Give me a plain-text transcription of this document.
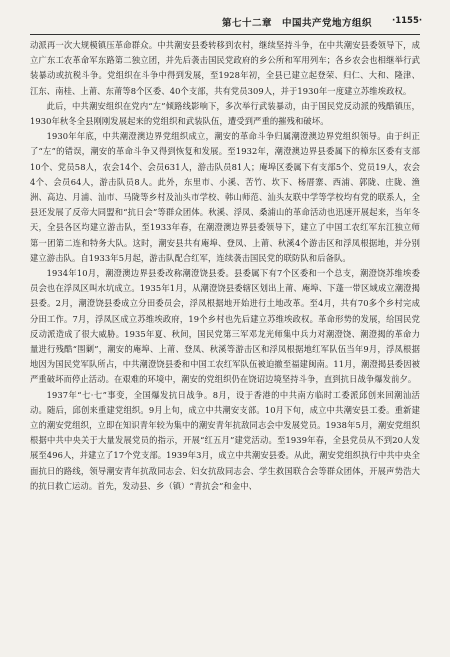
第七十二章　中国共产党地方组织 ·1155·

动派再一次大规模镇压革命群众。中共潮安县委转移到农村，继续坚持斗争，在中共潮安县委领导下，成立广东工农革命军东路第二独立团，并先后袭击国民党政府的乡公所和军用列车；各乡农会也相继举行武装暴动或抗税斗争。党组织在斗争中得到发展，至1928年初，全县已建立起登荣、归仁、大和、隆津、江东、南桂、上莆、东莆等8个区委、40个支部，共有党员309人，并于1930年一度建立苏维埃政权。

此后，中共潮安组织在党内“左”倾路线影响下，多次举行武装暴动，由于国民党反动派的残酷镇压，1930年秋冬全县刚刚发展起来的党组织和武装队伍，遭受到严重的摧残和破坏。

1930年年底，中共潮澄澳边界党组织成立，潮安的革命斗争归属潮澄澳边界党组织领导。由于纠正了“左”的错误，潮安的革命斗争又得到恢复和发展。至1932年，潮澄澳边界县委属下的樟东区委有支部10个、党员58人，农会14个、会员631人，游击队员81人；庵埠区委属下有支部5个、党员19人，农会4个、会员64人，游击队员8人。此外，东里市、小溪、苦竹、坎下、杨厝寨、西浦、郭陇、庄陇、渔洲、高边、月浦、汕市、马陇等乡村及汕头市学校、韩山师范、汕头友联中学等学校均有党的联系人，全县还发展了反帝大同盟和“抗日会”等群众团体。秋溪、浮凤、桑浦山的革命活动也迅速开展起来，当年冬天，全县各区均建立游击队，至1933年春，在潮澄澳边界县委领导下，建立了中国工农红军东江独立师第一团第二连和特务大队。这时，潮安县共有庵埠、登凤、上莆、秋溪4个游击区和浮凤根据地，并分别建立游击队。自1933年5月起，游击队配合红军，连续袭击国民党的联防队和后备队。

1934年10月，潮澄澳边界县委改称潮澄饶县委。县委属下有7个区委和一个总支，潮澄饶苏维埃委员会也在浮凤区叫水坑成立。1935年1月，从潮澄饶县委辖区划出上莆、庵埠、下蓬一带区域成立潮澄揭县委。2月，潮澄饶县委成立分田委员会，浮凤根据地开始进行土地改革。至4月，共有70多个乡村完成分田工作。7月，浮凤区成立苏维埃政府，19个乡村也先后建立苏维埃政权。革命形势的发展，给国民党反动派造成了很大威胁。1935年夏、秋间，国民党第三军邓龙光师集中兵力对潮澄饶、潮澄揭的革命力量进行残酷“围剿”，潮安的庵埠、上莆、登凤、秋溪等游击区和浮凤根据地红军队伍当年9月，浮凤根据地因为国民党军队所占，中共潮澄饶县委和中国工农红军队伍被迫撤至福建闽南。11月，潮澄揭县委因被严重破坏而停止活动。在艰难的环境中，潮安的党组织仍在饶诏边境坚持斗争，直到抗日战争爆发前夕。

1937年“七·七”事变，全国爆发抗日战争。8月，设于香港的中共南方临时工委派邱创来回潮汕活动。随后，邱创来重建党组织。9月上旬，成立中共潮安支部。10月下旬，成立中共潮安县工委。重新建立的潮安党组织，立即在知识青年较为集中的潮安青年抗敌同志会中发展党员。1938年5月，潮安党组织根据中共中央关于大量发展党员的指示，开展“红五月”建党活动。至1939年春，全县党员从不到20人发展至496人，并建立了17个党支部。1939年3月，成立中共潮安县委。从此，潮安党组织执行中共中央全面抗日的路线，领导潮安青年抗敌同志会、妇女抗敌同志会、学生救国联合会等群众团体，开展声势浩大的抗日救亡运动。首先，发动县、乡（镇）“青抗会”和金中、
